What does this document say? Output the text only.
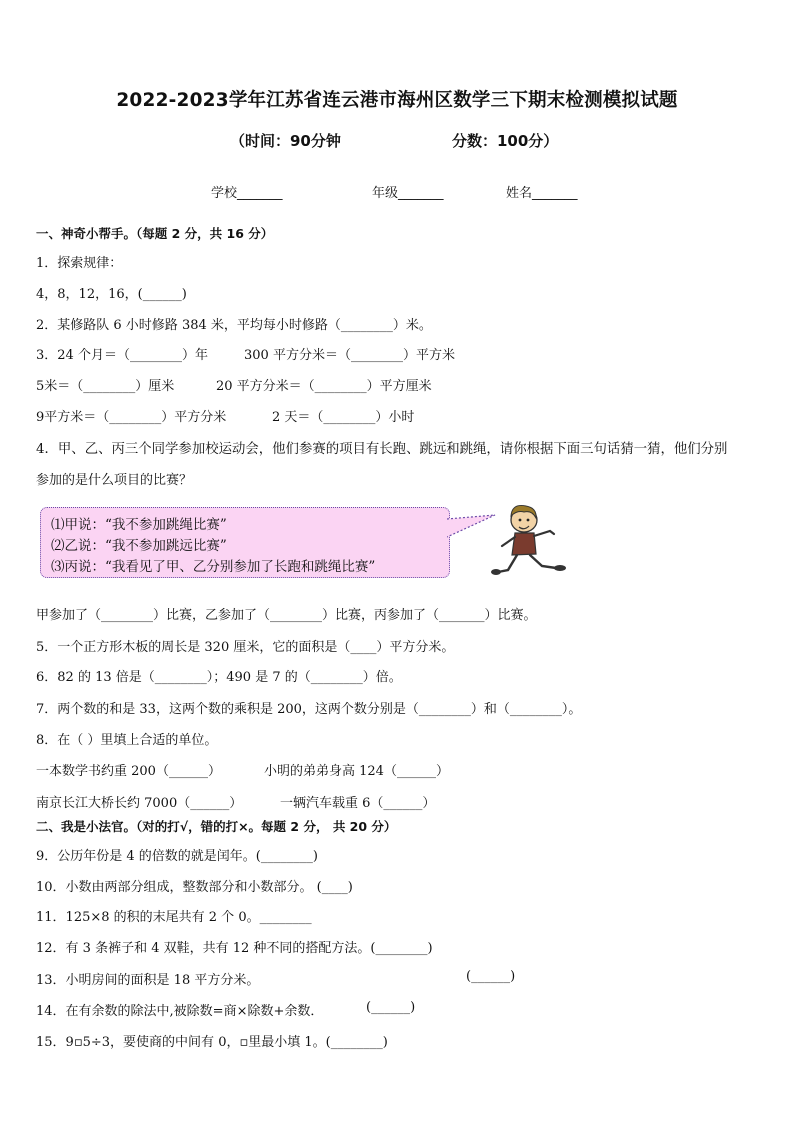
2022-2023学年江苏省连云港市海州区数学三下期末检测模拟试题
（时间：90分钟	分数：100分）
学校_______	年级_______	姓名_______
一、神奇小帮手。（每题 2 分，共 16 分）
1．探索规律：
4，8，12，16，(______)
2．某修路队 6 小时修路 384 米，平均每小时修路（________）米。
3．24 个月＝（________）年	300 平方分米＝（________）平方米
5米＝（________）厘米	20 平方分米＝（________）平方厘米
9平方米＝（________）平方分米	2 天＝（________）小时
4．甲、乙、丙三个同学参加校运动会，他们参赛的项目有长跑、跳远和跳绳，请你根据下面三句话猜一猜，他们分别
参加的是什么项目的比赛？
⑴甲说：“我不参加跳绳比赛”
⑵乙说：“我不参加跳远比赛”
⑶丙说：“我看见了甲、乙分别参加了长跑和跳绳比赛”
甲参加了（________）比赛，乙参加了（________）比赛，丙参加了（_______）比赛。
5．一个正方形木板的周长是 320 厘米，它的面积是（____）平方分米。
6．82 的 13 倍是（________）；490 是 7 的（________）倍。
7．两个数的和是 33，这两个数的乘积是 200，这两个数分别是（________）和（________）。
8．在（ ）里填上合适的单位。
一本数学书约重 200（______）	小明的弟弟身高 124（______）
南京长江大桥长约 7000（______）	一辆汽车载重 6（______）
二、我是小法官。（对的打√，错的打×。每题 2 分， 共 20 分）
9．公历年份是 4 的倍数的就是闰年。(________)
10．小数由两部分组成，整数部分和小数部分。 (____)
11．125×8 的积的末尾共有 2 个 0。________
12．有 3 条裤子和 4 双鞋，共有 12 种不同的搭配方法。(________)
13．小明房间的面积是 18 平方分米。	(______)
14．在有余数的除法中,被除数=商×除数+余数．	(______)
15．9▫5÷3，要使商的中间有 0，▫里最小填 1。(________)
